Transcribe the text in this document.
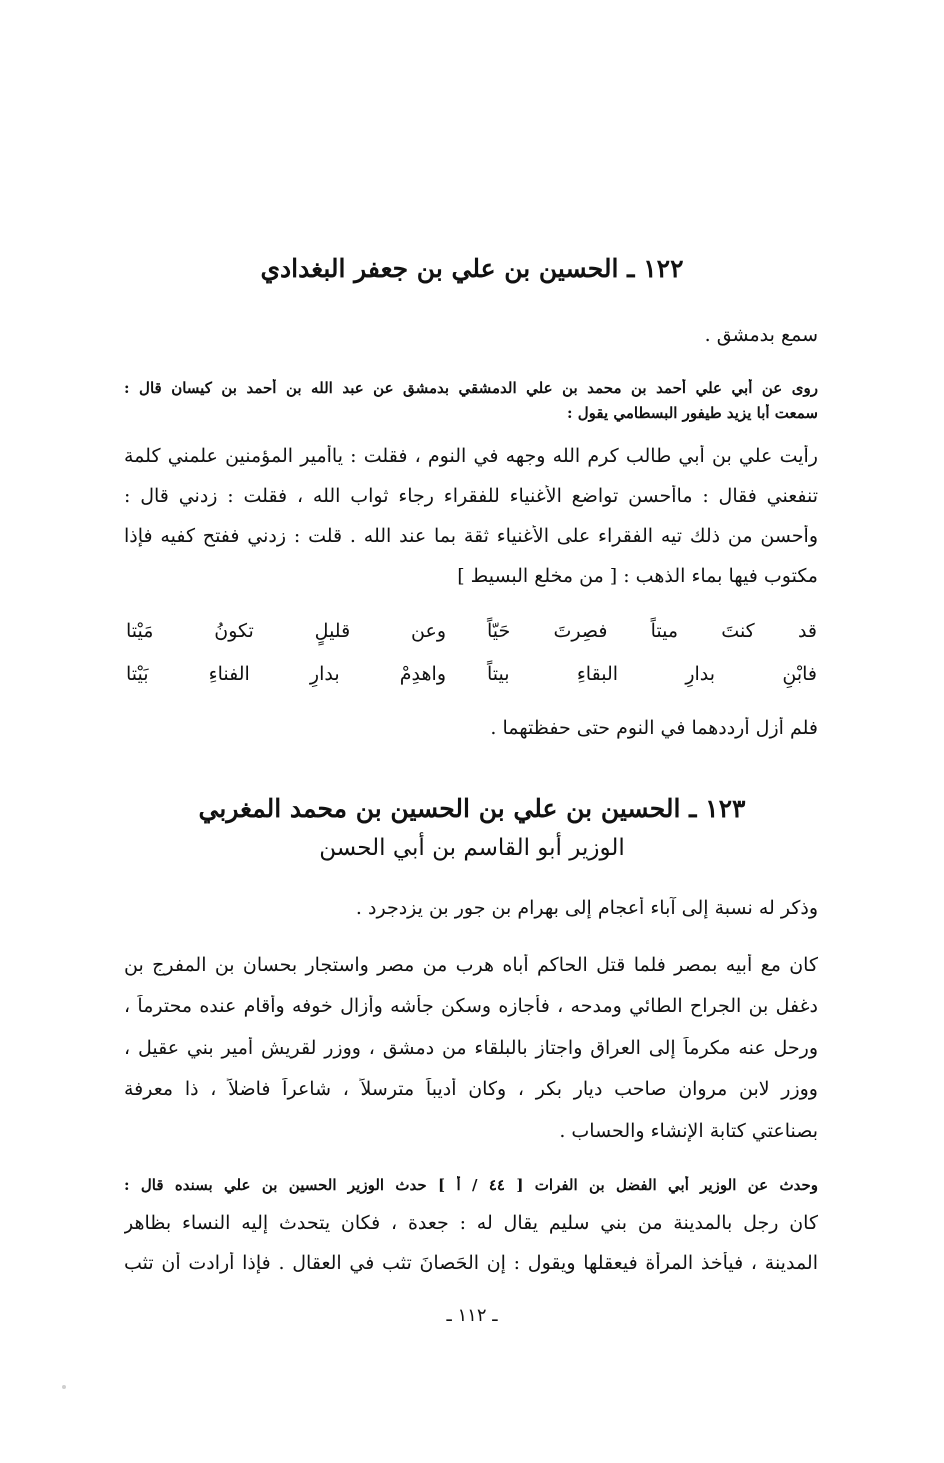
١٢٢ ـ الحسين بن علي بن جعفر البغدادي
سمع بدمشق .
روى عن أبي علي أحمد بن محمد بن علي الدمشقي بدمشق عن عبد الله بن أحمد بن كيسان قال :
سمعت أبا يزيد طيفور البسطامي يقول :
رأيت علي بن أبي طالب كرم الله وجهه في النوم ، فقلت : ياأمير المؤمنين علمني كلمة
تنفعني فقال : ماأحسن تواضع الأغنياء للفقراء رجاء ثواب الله ، فقلت : زدني قال :
وأحسن من ذلك تيه الفقراء على الأغنياء ثقة بما عند الله . قلت : زدني ففتح كفيه فإذا
مكتوب فيها بماء الذهب : [ من مخلع البسيط ]
قد كنتَ ميتاً فصِرتَ حَيّاً
وعن قليلٍ تكونُ مَيْتا
فابْنِ بدارِ البقاءِ بيتاً
واهدِمْ بدارِ الفناءِ بَيْتا
فلم أزل أرددهما في النوم حتى حفظتهما .
١٢٣ ـ الحسين بن علي بن الحسين بن محمد المغربي
الوزير أبو القاسم بن أبي الحسن
وذكر له نسبة إلى آباء أعجام إلى بهرام بن جور بن يزدجرد .
كان مع أبيه بمصر فلما قتل الحاكم أباه هرب من مصر واستجار بحسان بن المفرج بن
دغفل بن الجراح الطائي ومدحه ، فأجازه وسكن جأشه وأزال خوفه وأقام عنده محترماً ،
ورحل عنه مكرماً إلى العراق واجتاز بالبلقاء من دمشق ، ووزر لقريش أمير بني عقيل ،
ووزر لابن مروان صاحب ديار بكر ، وكان أديباً مترسلاً ، شاعراً فاضلاً ، ذا معرفة
بصناعتي كتابة الإنشاء والحساب .
وحدث عن الوزير أبي الفضل بن الفرات [ ٤٤ / أ ] حدث الوزير الحسين بن علي بسنده قال :
كان رجل بالمدينة من بني سليم يقال له : جعدة ، فكان يتحدث إليه النساء بظاهر
المدينة ، فيأخذ المرأة فيعقلها ويقول : إن الحَصانَ تثب في العقال . فإذا أرادت أن تثب
ـ ١١٢ ـ
